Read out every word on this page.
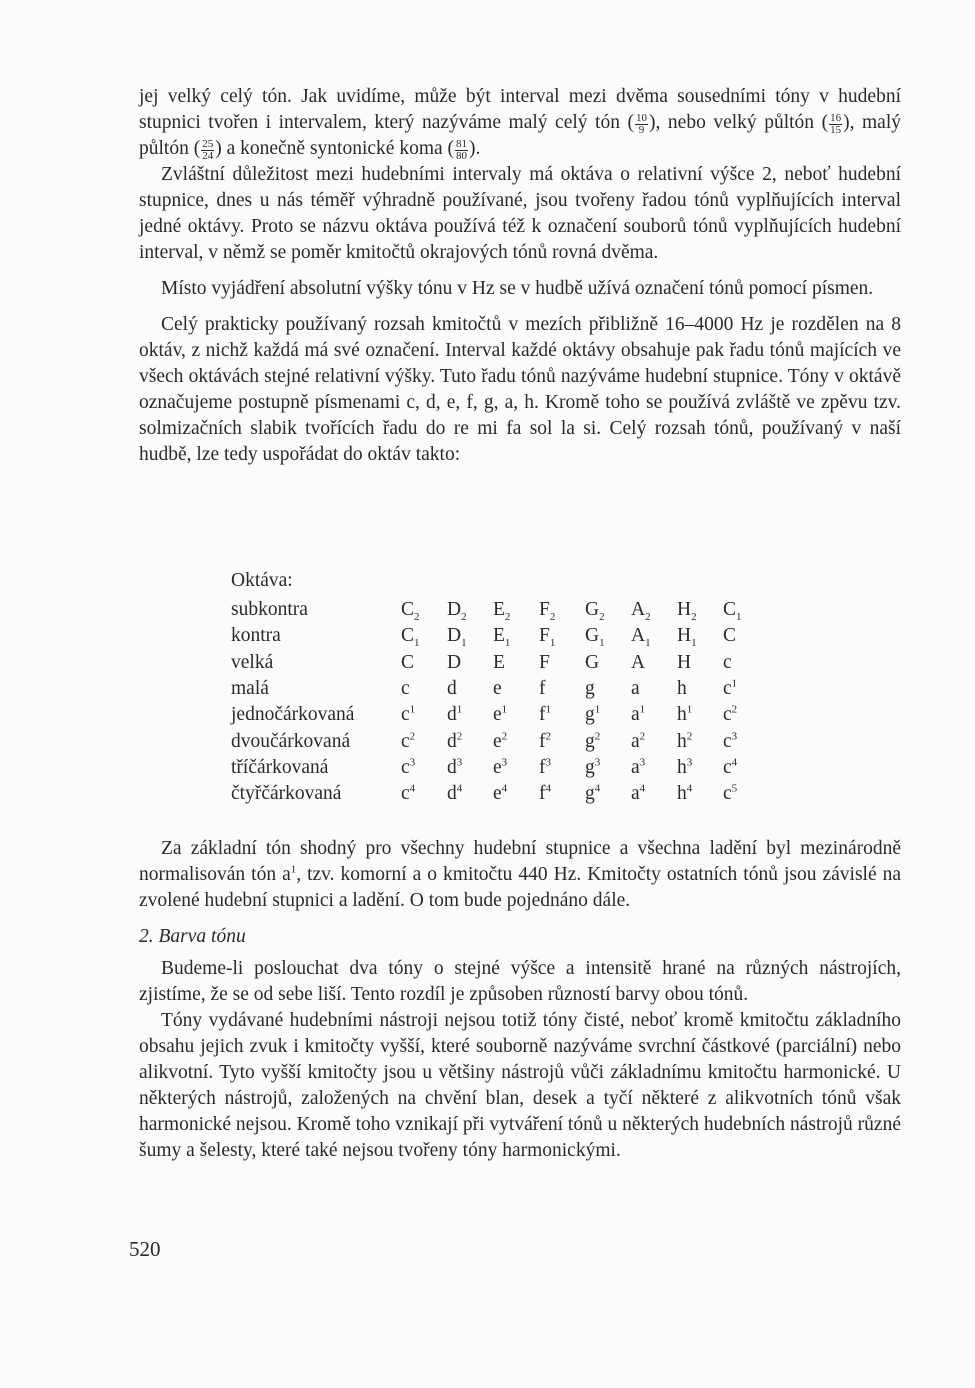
jej velký celý tón. Jak uvidíme, může být interval mezi dvěma sousedními tóny v hudební stupnici tvořen i intervalem, který nazýváme malý celý tón ( $\frac{10}{9}$ ), nebo velký půltón ( $\frac{16}{15}$ ), malý půltón ( $\frac{25}{24}$ ) a konečně syntonické koma ( $\frac{81}{80}$ ).

Zvláštní důležitost mezi hudebními intervaly má oktáva o relativní výšce 2, neboť hudební stupnice, dnes u nás téměř výhradně používané, jsou tvořeny řadou tónů vyplňujících interval jedné oktávy. Proto se názvu oktáva používá též k označení souborů tónů vyplňujících hudební interval, v němž se poměr kmitočtů okrajových tónů rovná dvěma.

Místo vyjádření absolutní výšky tónu v Hz se v hudbě užívá označení tónů pomocí písmen.

Celý prakticky používaný rozsah kmitočtů v mezích přibližně 16–4000 Hz je rozdělen na 8 oktáv, z nichž každá má své označení. Interval každé oktávy obsahuje pak řadu tónů majících ve všech oktávách stejné relativní výšky. Tuto řadu tónů nazýváme hudební stupnice. Tóny v oktávě označujeme postupně písmenami c, d, e, f, g, a, h. Kromě toho se používá zvláště ve zpěvu tzv. solmizačních slabik tvořících řadu do re mi fa sol la si. Celý rozsah tónů, používaný v naší hudbě, lze tedy uspořádat do oktáv takto:

Oktáva:
subkontra	$C_2$	$D_2$	$E_2$	$F_2$	$G_2$	$A_2$	$H_2$	$C_1$
kontra	$C_1$	$D_1$	$E_1$	$F_1$	$G_1$	$A_1$	$H_1$	C
velká	C	D	E	F	G	A	H	c
malá	c	d	e	f	g	a	h	$c^1$
jednočárkovaná	$c^1$	$d^1$	$e^1$	$f^1$	$g^1$	$a^1$	$h^1$	$c^2$
dvoučárkovaná	$c^2$	$d^2$	$e^2$	$f^2$	$g^2$	$a^2$	$h^2$	$c^3$
tříčárkovaná	$c^3$	$d^3$	$e^3$	$f^3$	$g^3$	$a^3$	$h^3$	$c^4$
čtyřčárkovaná	$c^4$	$d^4$	$e^4$	$f^4$	$g^4$	$a^4$	$h^4$	$c^5$

Za základní tón shodný pro všechny hudební stupnice a všechna ladění byl mezinárodně normalisován tón $a^1$, tzv. komorní a o kmitočtu 440 Hz. Kmitočty ostatních tónů jsou závislé na zvolené hudební stupnici a ladění. O tom bude pojednáno dále.

2. Barva tónu

Budeme-li poslouchat dva tóny o stejné výšce a intensitě hrané na různých nástrojích, zjistíme, že se od sebe liší. Tento rozdíl je způsoben růzností barvy obou tónů.

Tóny vydávané hudebními nástroji nejsou totiž tóny čisté, neboť kromě kmitočtu základního obsahu jejich zvuk i kmitočty vyšší, které souborně nazýváme svrchní částkové (parciální) nebo alikvotní. Tyto vyšší kmitočty jsou u většiny nástrojů vůči základnímu kmitočtu harmonické. U některých nástrojů, založených na chvění blan, desek a tyčí některé z alikvotních tónů však harmonické nejsou. Kromě toho vznikají při vytváření tónů u některých hudebních nástrojů různé šumy a šelesty, které také nejsou tvořeny tóny harmonickými.

520
